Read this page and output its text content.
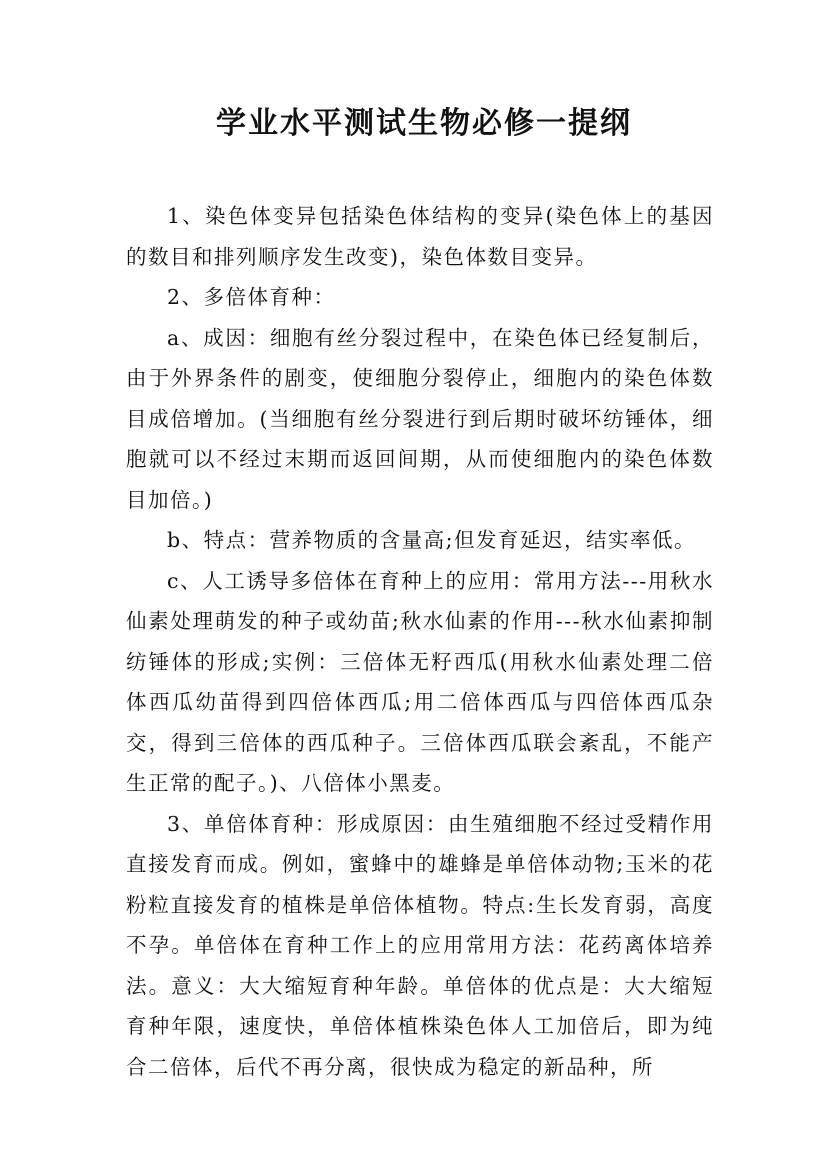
学业水平测试生物必修一提纲

1、染色体变异包括染色体结构的变异(染色体上的基因的数目和排列顺序发生改变)，染色体数目变异。

2、多倍体育种：

a、成因：细胞有丝分裂过程中，在染色体已经复制后，由于外界条件的剧变，使细胞分裂停止，细胞内的染色体数目成倍增加。(当细胞有丝分裂进行到后期时破坏纺锤体，细胞就可以不经过末期而返回间期，从而使细胞内的染色体数目加倍。)

b、特点：营养物质的含量高;但发育延迟，结实率低。

c、人工诱导多倍体在育种上的应用：常用方法---用秋水仙素处理萌发的种子或幼苗;秋水仙素的作用---秋水仙素抑制纺锤体的形成;实例：三倍体无籽西瓜(用秋水仙素处理二倍体西瓜幼苗得到四倍体西瓜;用二倍体西瓜与四倍体西瓜杂交，得到三倍体的西瓜种子。三倍体西瓜联会紊乱，不能产生正常的配子。)、八倍体小黑麦。

3、单倍体育种：形成原因：由生殖细胞不经过受精作用直接发育而成。例如，蜜蜂中的雄蜂是单倍体动物;玉米的花粉粒直接发育的植株是单倍体植物。特点:生长发育弱，高度不孕。单倍体在育种工作上的应用常用方法：花药离体培养法。意义：大大缩短育种年龄。单倍体的优点是：大大缩短育种年限，速度快，单倍体植株染色体人工加倍后，即为纯合二倍体，后代不再分离，很快成为稳定的新品种，所
